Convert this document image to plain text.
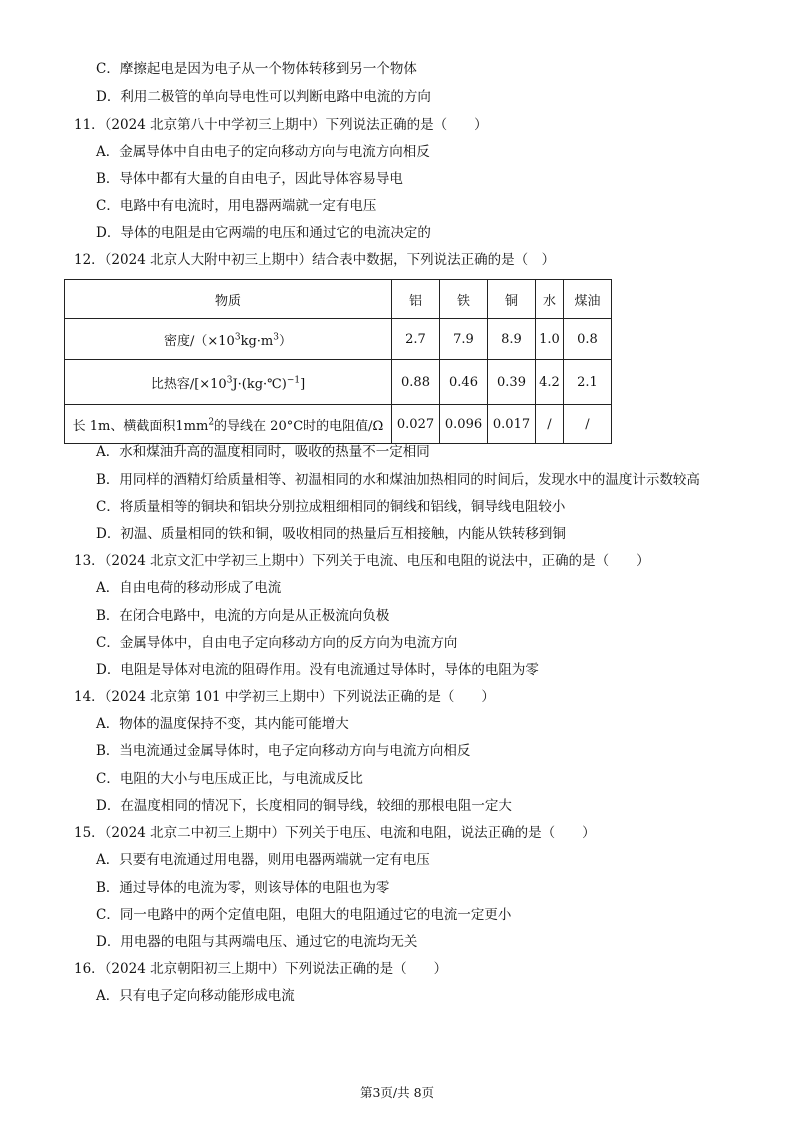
C．摩擦起电是因为电子从一个物体转移到另一个物体
D．利用二极管的单向导电性可以判断电路中电流的方向
11．（2024 北京第八十中学初三上期中）下列说法正确的是（　　）
A．金属导体中自由电子的定向移动方向与电流方向相反
B．导体中都有大量的自由电子，因此导体容易导电
C．电路中有电流时，用电器两端就一定有电压
D．导体的电阻是由它两端的电压和通过它的电流决定的
12．（2024 北京人大附中初三上期中）结合表中数据，下列说法正确的是（　）
物质	铝	铁	铜	水	煤油
密度$/(\times 10^3kg\cdot m^3)$	2.7	7.9	8.9	1.0	0.8
比热容$/[\times 10^3J\cdot(kg\cdot℃)^{-1}]$	0.88	0.46	0.39	4.2	2.1
长 1m、横截面积$1mm^2$的导线在 20°C时的电阻值/Ω	0.027	0.096	0.017	/	/
A．水和煤油升高的温度相同时，吸收的热量不一定相同
B．用同样的酒精灯给质量相等、初温相同的水和煤油加热相同的时间后，发现水中的温度计示数较高
C．将质量相等的铜块和铝块分别拉成粗细相同的铜线和铝线，铜导线电阻较小
D．初温、质量相同的铁和铜，吸收相同的热量后互相接触，内能从铁转移到铜
13．（2024 北京文汇中学初三上期中）下列关于电流、电压和电阻的说法中，正确的是（　　）
A．自由电荷的移动形成了电流
B．在闭合电路中，电流的方向是从正极流向负极
C．金属导体中，自由电子定向移动方向的反方向为电流方向
D．电阻是导体对电流的阻碍作用。没有电流通过导体时，导体的电阻为零
14．（2024 北京第 101 中学初三上期中）下列说法正确的是（　　）
A．物体的温度保持不变，其内能可能增大
B．当电流通过金属导体时，电子定向移动方向与电流方向相反
C．电阻的大小与电压成正比，与电流成反比
D．在温度相同的情况下，长度相同的铜导线，较细的那根电阻一定大
15．（2024 北京二中初三上期中）下列关于电压、电流和电阻，说法正确的是（　　）
A．只要有电流通过用电器，则用电器两端就一定有电压
B．通过导体的电流为零，则该导体的电阻也为零
C．同一电路中的两个定值电阻，电阻大的电阻通过它的电流一定更小
D．用电器的电阻与其两端电压、通过它的电流均无关
16．（2024 北京朝阳初三上期中）下列说法正确的是（　　）
A．只有电子定向移动能形成电流
第3页/共 8页
